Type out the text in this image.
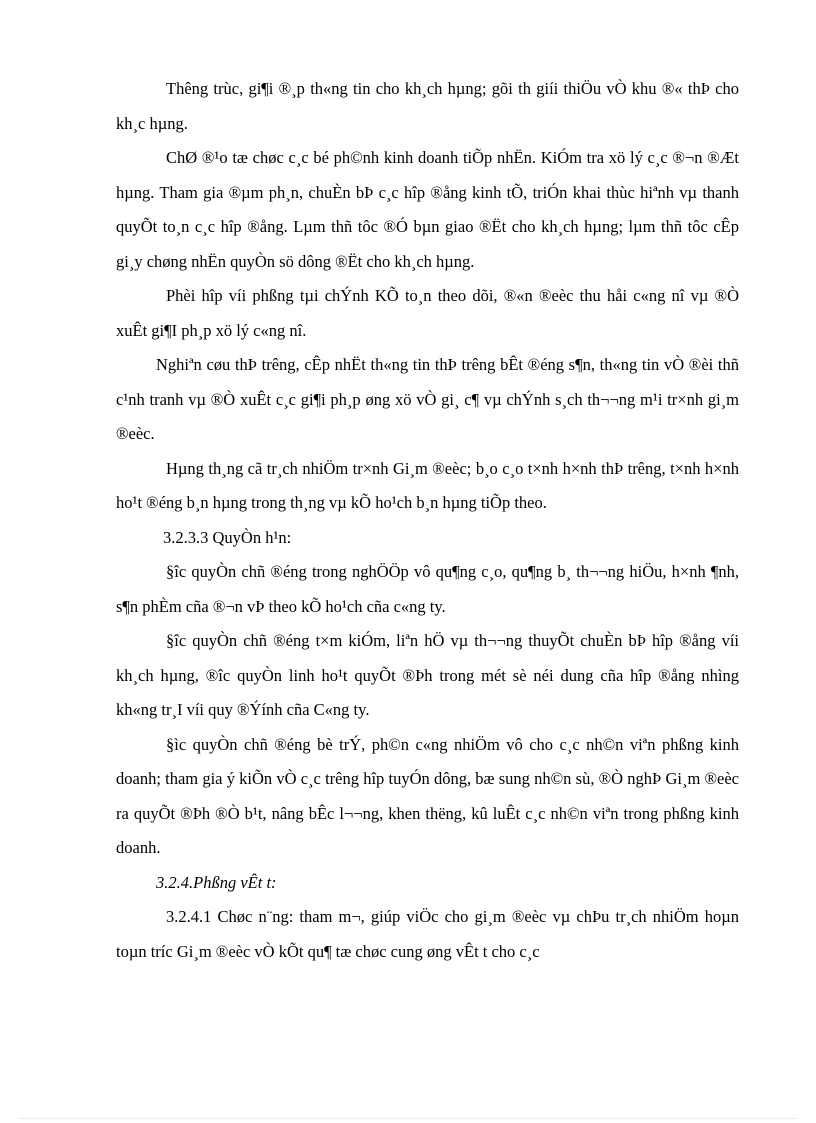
Thêng trùc, gi¶i ®¸p th«ng tin cho kh¸ch hµng; gõi th giíi thiÖu vÒ khu ®« thÞ cho kh¸c hµng.

ChØ ®¹o tæ chøc c¸c bé ph©nh kinh doanh tiÕp nhËn. KiÓm tra xö lý c¸c ®¬n ®Æt hµng. Tham gia ®µm ph¸n, chuÈn bÞ c¸c hîp ®ång kinh tÕ, triÓn khai thùc hiªnh vµ thanh quyÕt to¸n c¸c hîp ®ång. Lµm thñ tôc ®Ó bµn giao ®Ët cho kh¸ch hµng; lµm thñ tôc cÊp gi¸y chøng nhËn quyÒn sö dông ®Ët cho kh¸ch hµng.

Phèi hîp víi phßng tµi chÝnh KÕ to¸n theo dõi, ®«n ®eèc thu håi c«ng nî vµ ®Ò xuÊt gi¶I ph¸p xö lý c«ng nî.

Nghiªn cøu thÞ trêng, cÊp nhËt th«ng tin thÞ trêng bÊt ®éng s¶n, th«ng tin vÒ ®èi thñ c¹nh tranh vµ ®Ò xuÊt c¸c gi¶i ph¸p øng xö vÒ gi¸ c¶ vµ chÝnh s¸ch th¬¬ng m¹i tr×nh gi¸m ®eèc.

Hµng th¸ng cã tr¸ch nhiÖm tr×nh Gi¸m ®eèc; b¸o c¸o t×nh h×nh thÞ trêng, t×nh h×nh ho¹t ®éng b¸n hµng trong th¸ng vµ kÕ ho¹ch b¸n hµng tiÕp theo.

3.2.3.3 QuyÒn h¹n:

§îc quyÒn chñ ®éng trong nghÖÖp vô qu¶ng c¸o, qu¶ng b¸ th¬¬ng hiÖu, h×nh ¶nh, s¶n phÈm cña ®¬n vÞ theo kÕ ho¹ch cña c«ng ty.

§îc quyÒn chñ ®éng t×m kiÓm, liªn hÖ vµ th¬¬ng thuyÕt chuÈn bÞ hîp ®ång víi kh¸ch hµng, ®îc quyÒn linh ho¹t quyÕt ®Þh trong mét sè néi dung cña hîp ®ång nhìng kh«ng tr¸I víi quy ®Ýính cña C«ng ty.

§ìc quyÒn chñ ®éng bè trÝ, ph©n c«ng nhiÖm vô cho c¸c nh©n viªn phßng kinh doanh; tham gia ý kiÕn vÒ c¸c trêng hîp tuyÓn dông, bæ sung nh©n sù, ®Ò nghÞ Gi¸m ®eèc ra quyÕt ®Þh ®Ò b¹t, nâng bÊc l¬¬ng, khen thëng, kû luÊt c¸c nh©n viªn trong phßng kinh doanh.

3.2.4.Phßng vÊt t:

3.2.4.1 Chøc n¨ng: tham m¬, giúp viÖc cho gi¸m ®eèc vµ chÞu tr¸ch nhiÖm hoµn toµn tríc Gi¸m ®eèc vÒ kÕt qu¶ tæ chøc cung øng vÊt t cho c¸c
